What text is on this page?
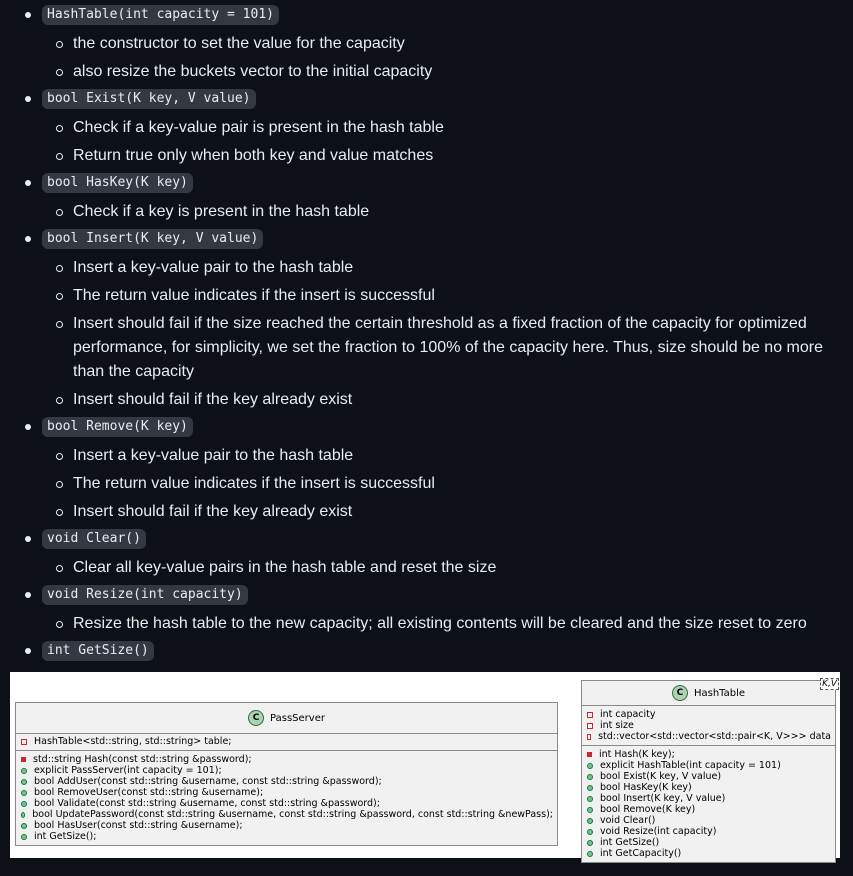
HashTable(int capacity = 101)
the constructor to set the value for the capacity
also resize the buckets vector to the initial capacity
bool Exist(K key, V value)
Check if a key-value pair is present in the hash table
Return true only when both key and value matches
bool HasKey(K key)
Check if a key is present in the hash table
bool Insert(K key, V value)
Insert a key-value pair to the hash table
The return value indicates if the insert is successful
Insert should fail if the size reached the certain threshold as a fixed fraction of the capacity for optimized performance, for simplicity, we set the fraction to 100% of the capacity here. Thus, size should be no more than the capacity
Insert should fail if the key already exist
bool Remove(K key)
Insert a key-value pair to the hash table
The return value indicates if the insert is successful
Insert should fail if the key already exist
void Clear()
Clear all key-value pairs in the hash table and reset the size
void Resize(int capacity)
Resize the hash table to the new capacity; all existing contents will be cleared and the size reset to zero
int GetSize()
C	PassServer
HashTable<std::string, std::string> table;
std::string Hash(const std::string &password);
explicit PassServer(int capacity = 101);
bool AddUser(const std::string &username, const std::string &password);
bool RemoveUser(const std::string &username);
bool Validate(const std::string &username, const std::string &password);
bool UpdatePassword(const std::string &username, const std::string &password, const std::string &newPass);
bool HasUser(const std::string &username);
int GetSize();
K,V
C	HashTable
int capacity
int size
std::vector<std::vector<std::pair<K, V>>> data
int Hash(K key);
explicit HashTable(int capacity = 101)
bool Exist(K key, V value)
bool HasKey(K key)
bool Insert(K key, V value)
bool Remove(K key)
void Clear()
void Resize(int capacity)
int GetSize()
int GetCapacity()
